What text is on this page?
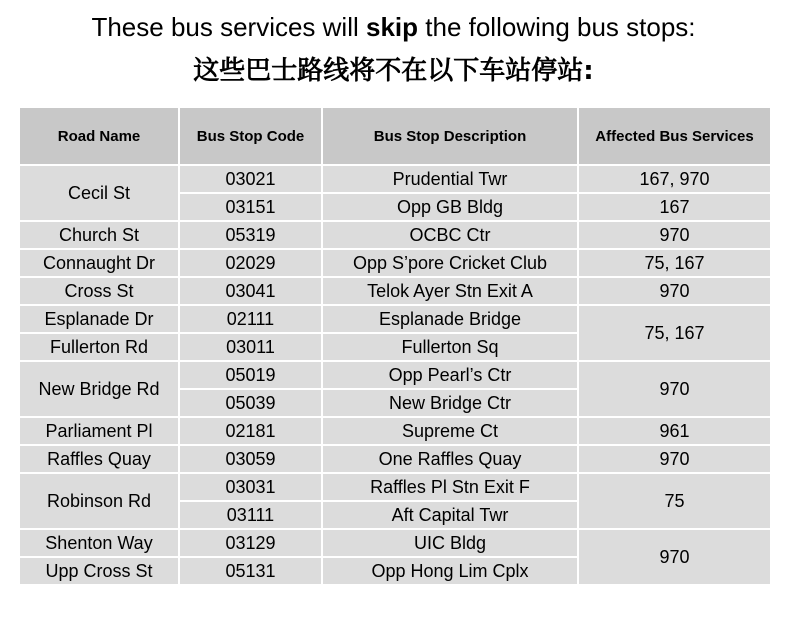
These bus services will skip the following bus stops:
这些巴士路线将不在以下车站停站:
Road Name	Bus Stop Code	Bus Stop Description	Affected Bus Services
Cecil St	03021	Prudential Twr	167, 970
	03151	Opp GB Bldg	167
Church St	05319	OCBC Ctr	970
Connaught Dr	02029	Opp S’pore Cricket Club	75, 167
Cross St	03041	Telok Ayer Stn Exit A	970
Esplanade Dr	02111	Esplanade Bridge	75, 167
Fullerton Rd	03011	Fullerton Sq	
New Bridge Rd	05019	Opp Pearl’s Ctr	970
	05039	New Bridge Ctr	
Parliament Pl	02181	Supreme Ct	961
Raffles Quay	03059	One Raffles Quay	970
Robinson Rd	03031	Raffles Pl Stn Exit F	75
	03111	Aft Capital Twr	
Shenton Way	03129	UIC Bldg	970
Upp Cross St	05131	Opp Hong Lim Cplx	
